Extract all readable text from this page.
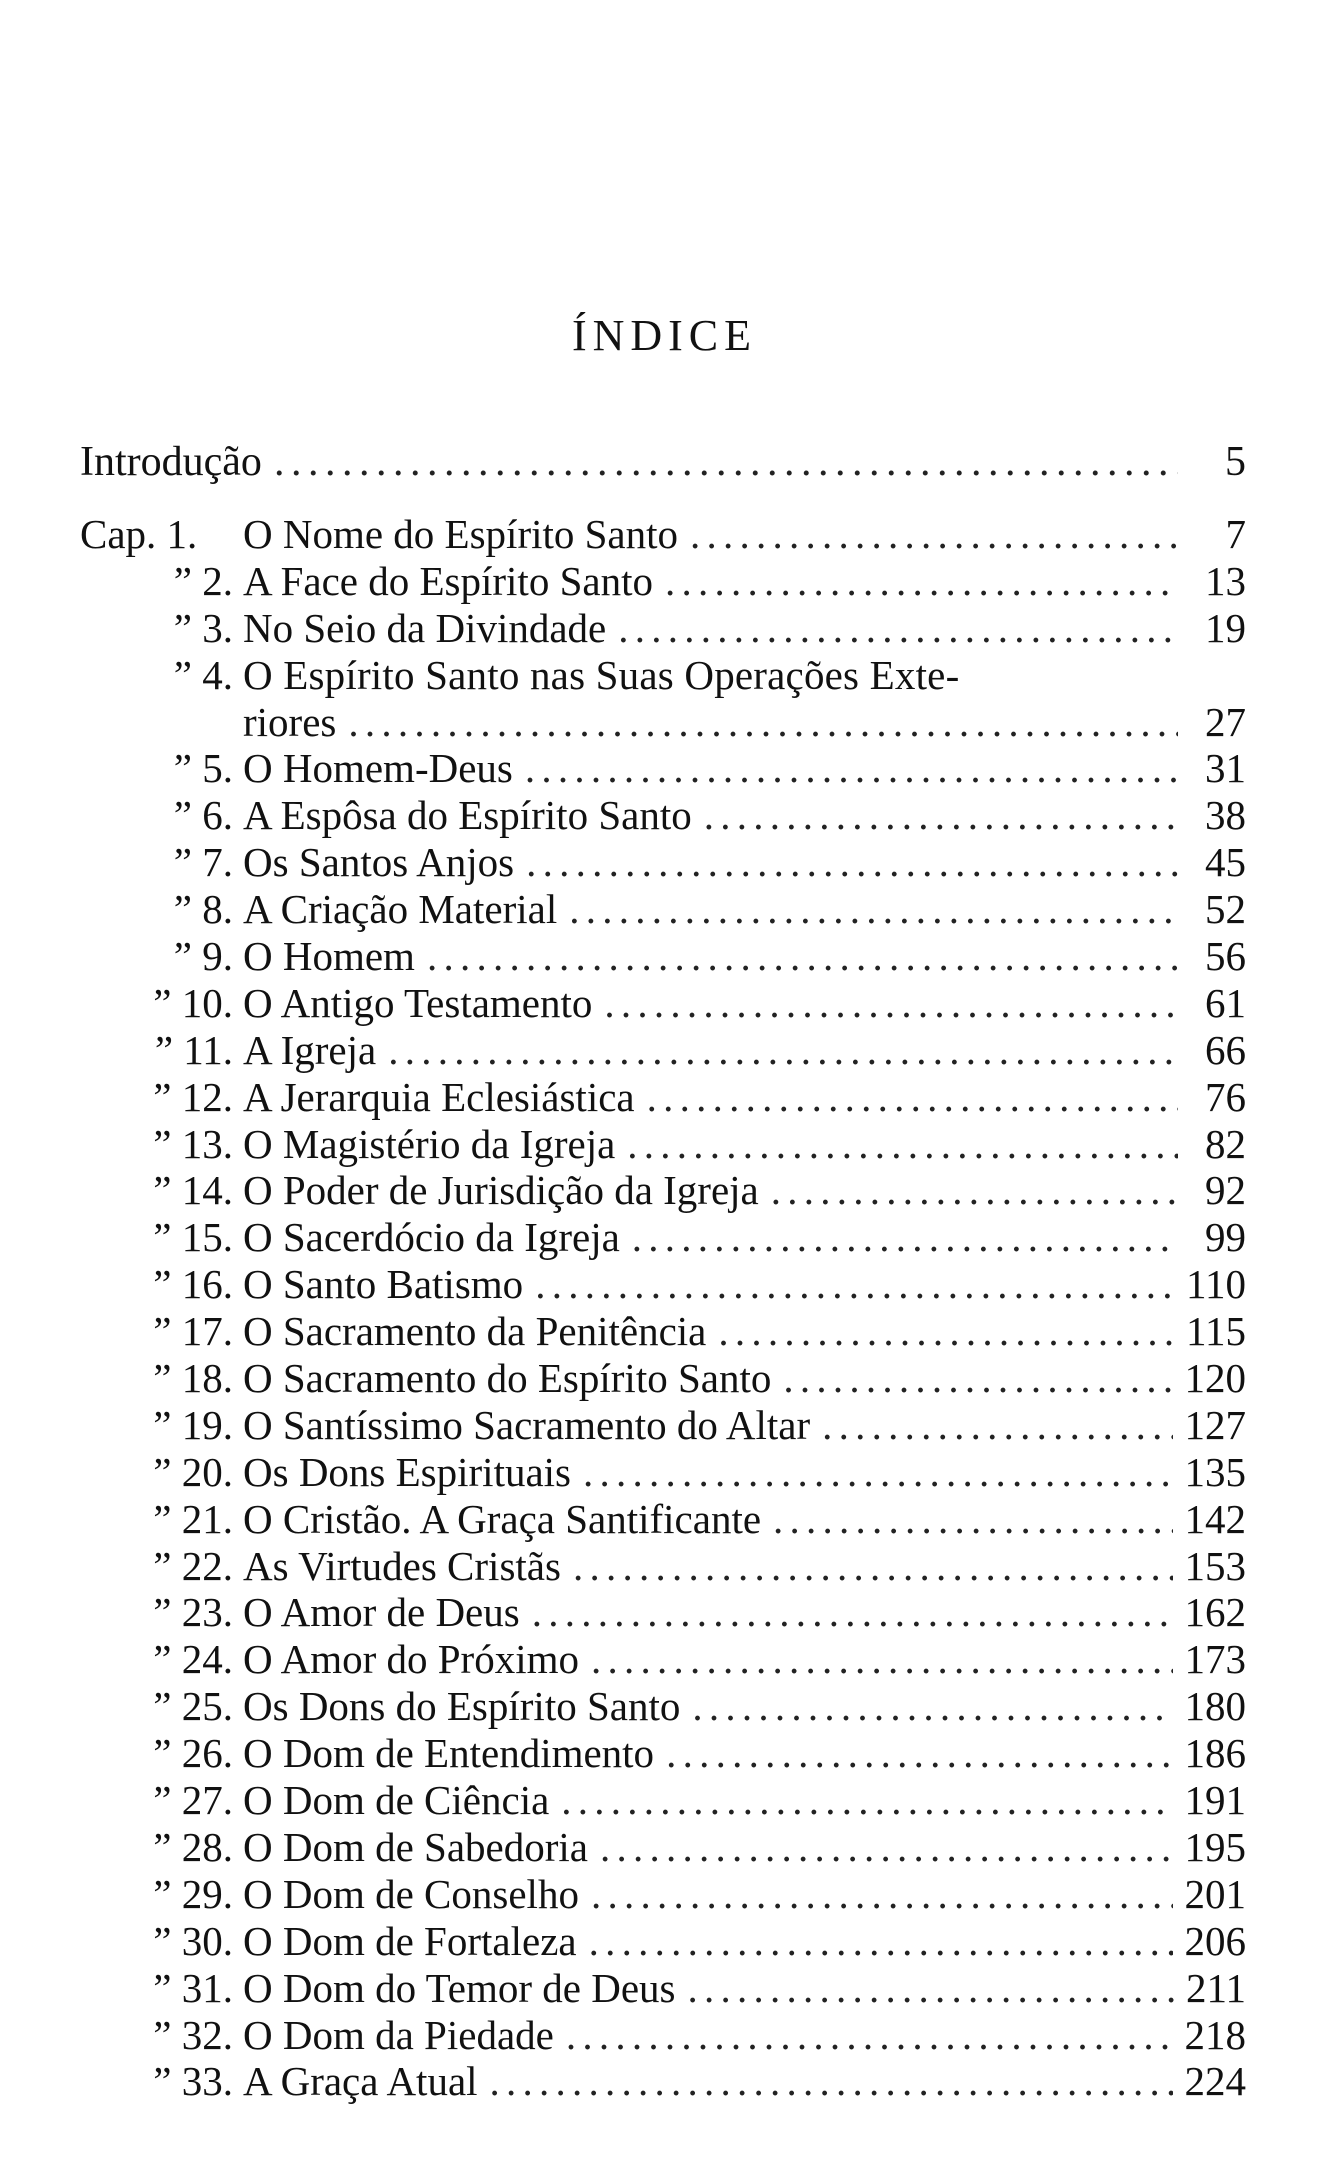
ÍNDICE
Introdução . . .	5
Cap. 1.	O Nome do Espírito Santo . . .	7
” 2. A Face do Espírito Santo . . .	13
” 3. No Seio da Divindade . . .	19
” 4. O Espírito Santo nas Suas Operações Exte-
riores . . .	27
” 5. O Homem-Deus . . .	31
” 6. A Espôsa do Espírito Santo . . .	38
” 7. Os Santos Anjos . . .	45
” 8. A Criação Material . . .	52
” 9. O Homem . . .	56
” 10. O Antigo Testamento . . .	61
” 11. A Igreja . . .	66
” 12. A Jerarquia Eclesiástica . . .	76
” 13. O Magistério da Igreja . . .	82
” 14. O Poder de Jurisdição da Igreja . . .	92
” 15. O Sacerdócio da Igreja . . .	99
” 16. O Santo Batismo . . .	110
” 17. O Sacramento da Penitência . . .	115
” 18. O Sacramento do Espírito Santo . . .	120
” 19. O Santíssimo Sacramento do Altar . . .	127
” 20. Os Dons Espirituais . . .	135
” 21. O Cristão. A Graça Santificante . . .	142
” 22. As Virtudes Cristãs . . .	153
” 23. O Amor de Deus . . .	162
” 24. O Amor do Próximo . . .	173
” 25. Os Dons do Espírito Santo . . .	180
” 26. O Dom de Entendimento . . .	186
” 27. O Dom de Ciência . . .	191
” 28. O Dom de Sabedoria . . .	195
” 29. O Dom de Conselho . . .	201
” 30. O Dom de Fortaleza . . .	206
” 31. O Dom do Temor de Deus . . .	211
” 32. O Dom da Piedade . . .	218
” 33. A Graça Atual . . .	224
